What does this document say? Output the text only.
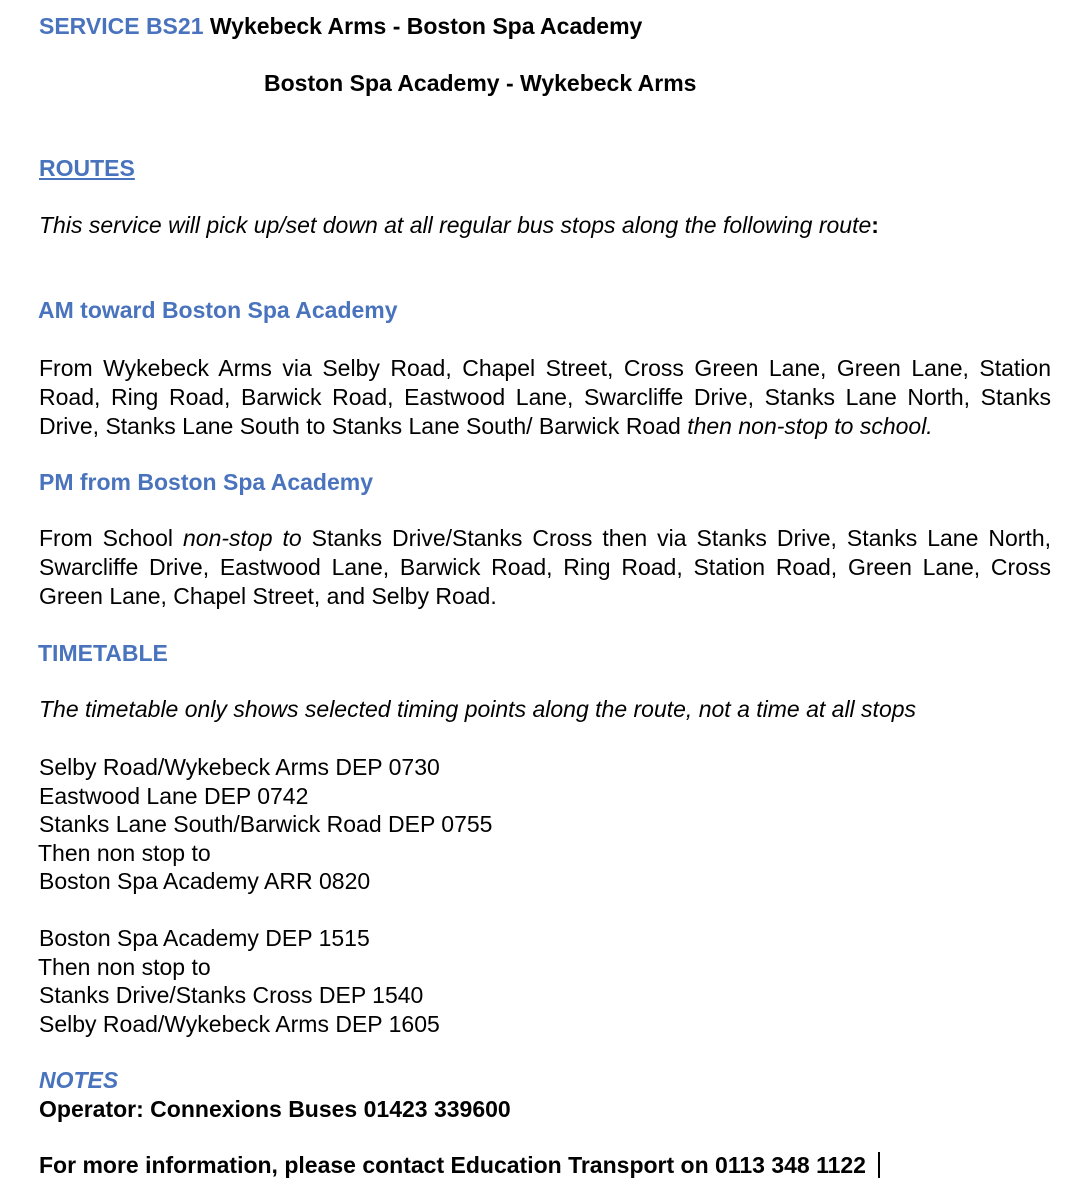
SERVICE BS21 Wykebeck Arms - Boston Spa Academy
Boston Spa Academy - Wykebeck Arms
ROUTES
This service will pick up/set down at all regular bus stops along the following route:
AM toward Boston Spa Academy
From Wykebeck Arms via Selby Road, Chapel Street, Cross Green Lane, Green Lane, Station Road, Ring Road, Barwick Road, Eastwood Lane, Swarcliffe Drive, Stanks Lane North, Stanks Drive, Stanks Lane South to Stanks Lane South/ Barwick Road then non-stop to school.
PM from Boston Spa Academy
From School non-stop to Stanks Drive/Stanks Cross then via Stanks Drive, Stanks Lane North, Swarcliffe Drive, Eastwood Lane, Barwick Road, Ring Road, Station Road, Green Lane, Cross Green Lane, Chapel Street, and Selby Road.
TIMETABLE
The timetable only shows selected timing points along the route, not a time at all stops
Selby Road/Wykebeck Arms DEP 0730
Eastwood Lane DEP 0742
Stanks Lane South/Barwick Road DEP 0755
Then non stop to
Boston Spa Academy ARR 0820
Boston Spa Academy DEP 1515
Then non stop to
Stanks Drive/Stanks Cross DEP 1540
Selby Road/Wykebeck Arms DEP 1605
NOTES
Operator: Connexions Buses 01423 339600
For more information, please contact Education Transport on 0113 348 1122
